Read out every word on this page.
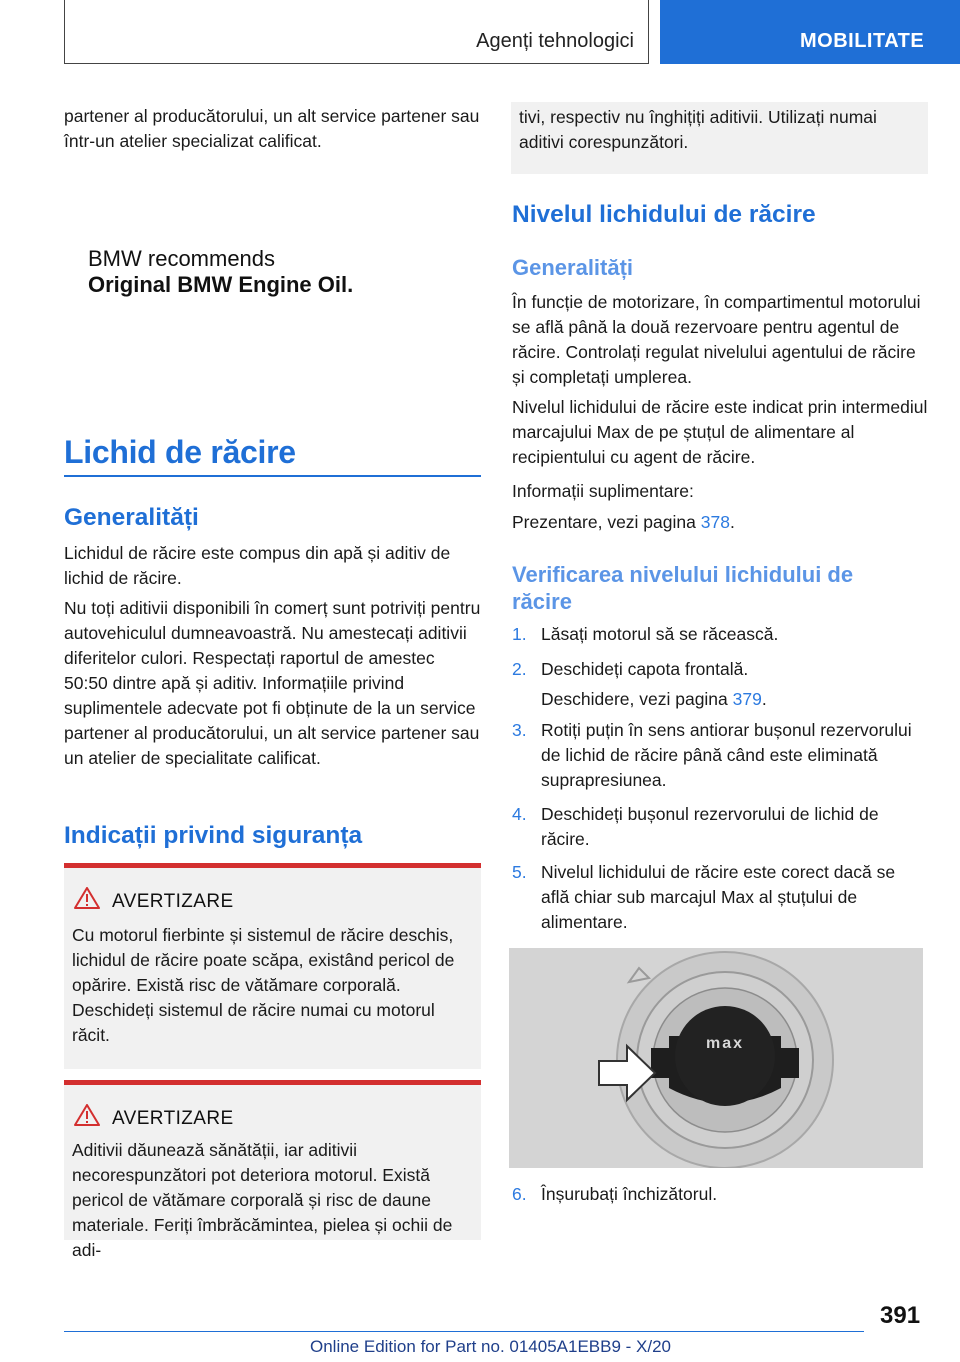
Agenți tehnologici	MOBILITATE

partener al producătorului, un alt service partener sau într-un atelier specializat calificat.

BMW recommends
Original BMW Engine Oil.
Lichid de răcire
Generalități

Lichidul de răcire este compus din apă și aditiv de lichid de răcire.

Nu toți aditivii disponibili în comerț sunt potriviți pentru autovehiculul dumneavoastră. Nu amestecați aditivii diferitelor culori. Respectați raportul de amestec 50:50 dintre apă și aditiv. Informațiile privind suplimentele adecvate pot fi obținute de la un service partener al producătorului, un alt service partener sau un atelier de specialitate calificat.

Indicații privind siguranța
AVERTIZARE

Cu motorul fierbinte și sistemul de răcire deschis, lichidul de răcire poate scăpa, existând pericol de opărire. Există risc de vătămare corporală. Deschideți sistemul de răcire numai cu motorul răcit.

AVERTIZARE

Aditivii dăunează sănătății, iar aditivii necorespunzători pot deteriora motorul. Există pericol de vătămare corporală și risc de daune materiale. Feriți îmbrăcămintea, pielea și ochii de adi-

tivi, respectiv nu înghițiți aditivii. Utilizați numai aditivi corespunzători.

Nivelul lichidului de răcire
Generalități

În funcție de motorizare, în compartimentul motorului se află până la două rezervoare pentru agentul de răcire. Controlați regulat nivelului agentului de răcire și completați umplerea.

Nivelul lichidului de răcire este indicat prin intermediul marcajului Max de pe ștuțul de alimentare al recipientului cu agent de răcire.

Informații suplimentare:

Prezentare, vezi pagina 378.

Verificarea nivelului lichidului de răcire
1. Lăsați motorul să se răcească.
2. Deschideți capota frontală.
Deschidere, vezi pagina 379.
3. Rotiți puțin în sens antiorar bușonul rezervorului de lichid de răcire până când este eliminată suprapresiunea.
4. Deschideți bușonul rezervorului de lichid de răcire.
5. Nivelul lichidului de răcire este corect dacă se află chiar sub marcajul Max al ștuțului de alimentare.
max
6. Înșurubați închizătorul.
391
Online Edition for Part no. 01405A1EBB9 - X/20
